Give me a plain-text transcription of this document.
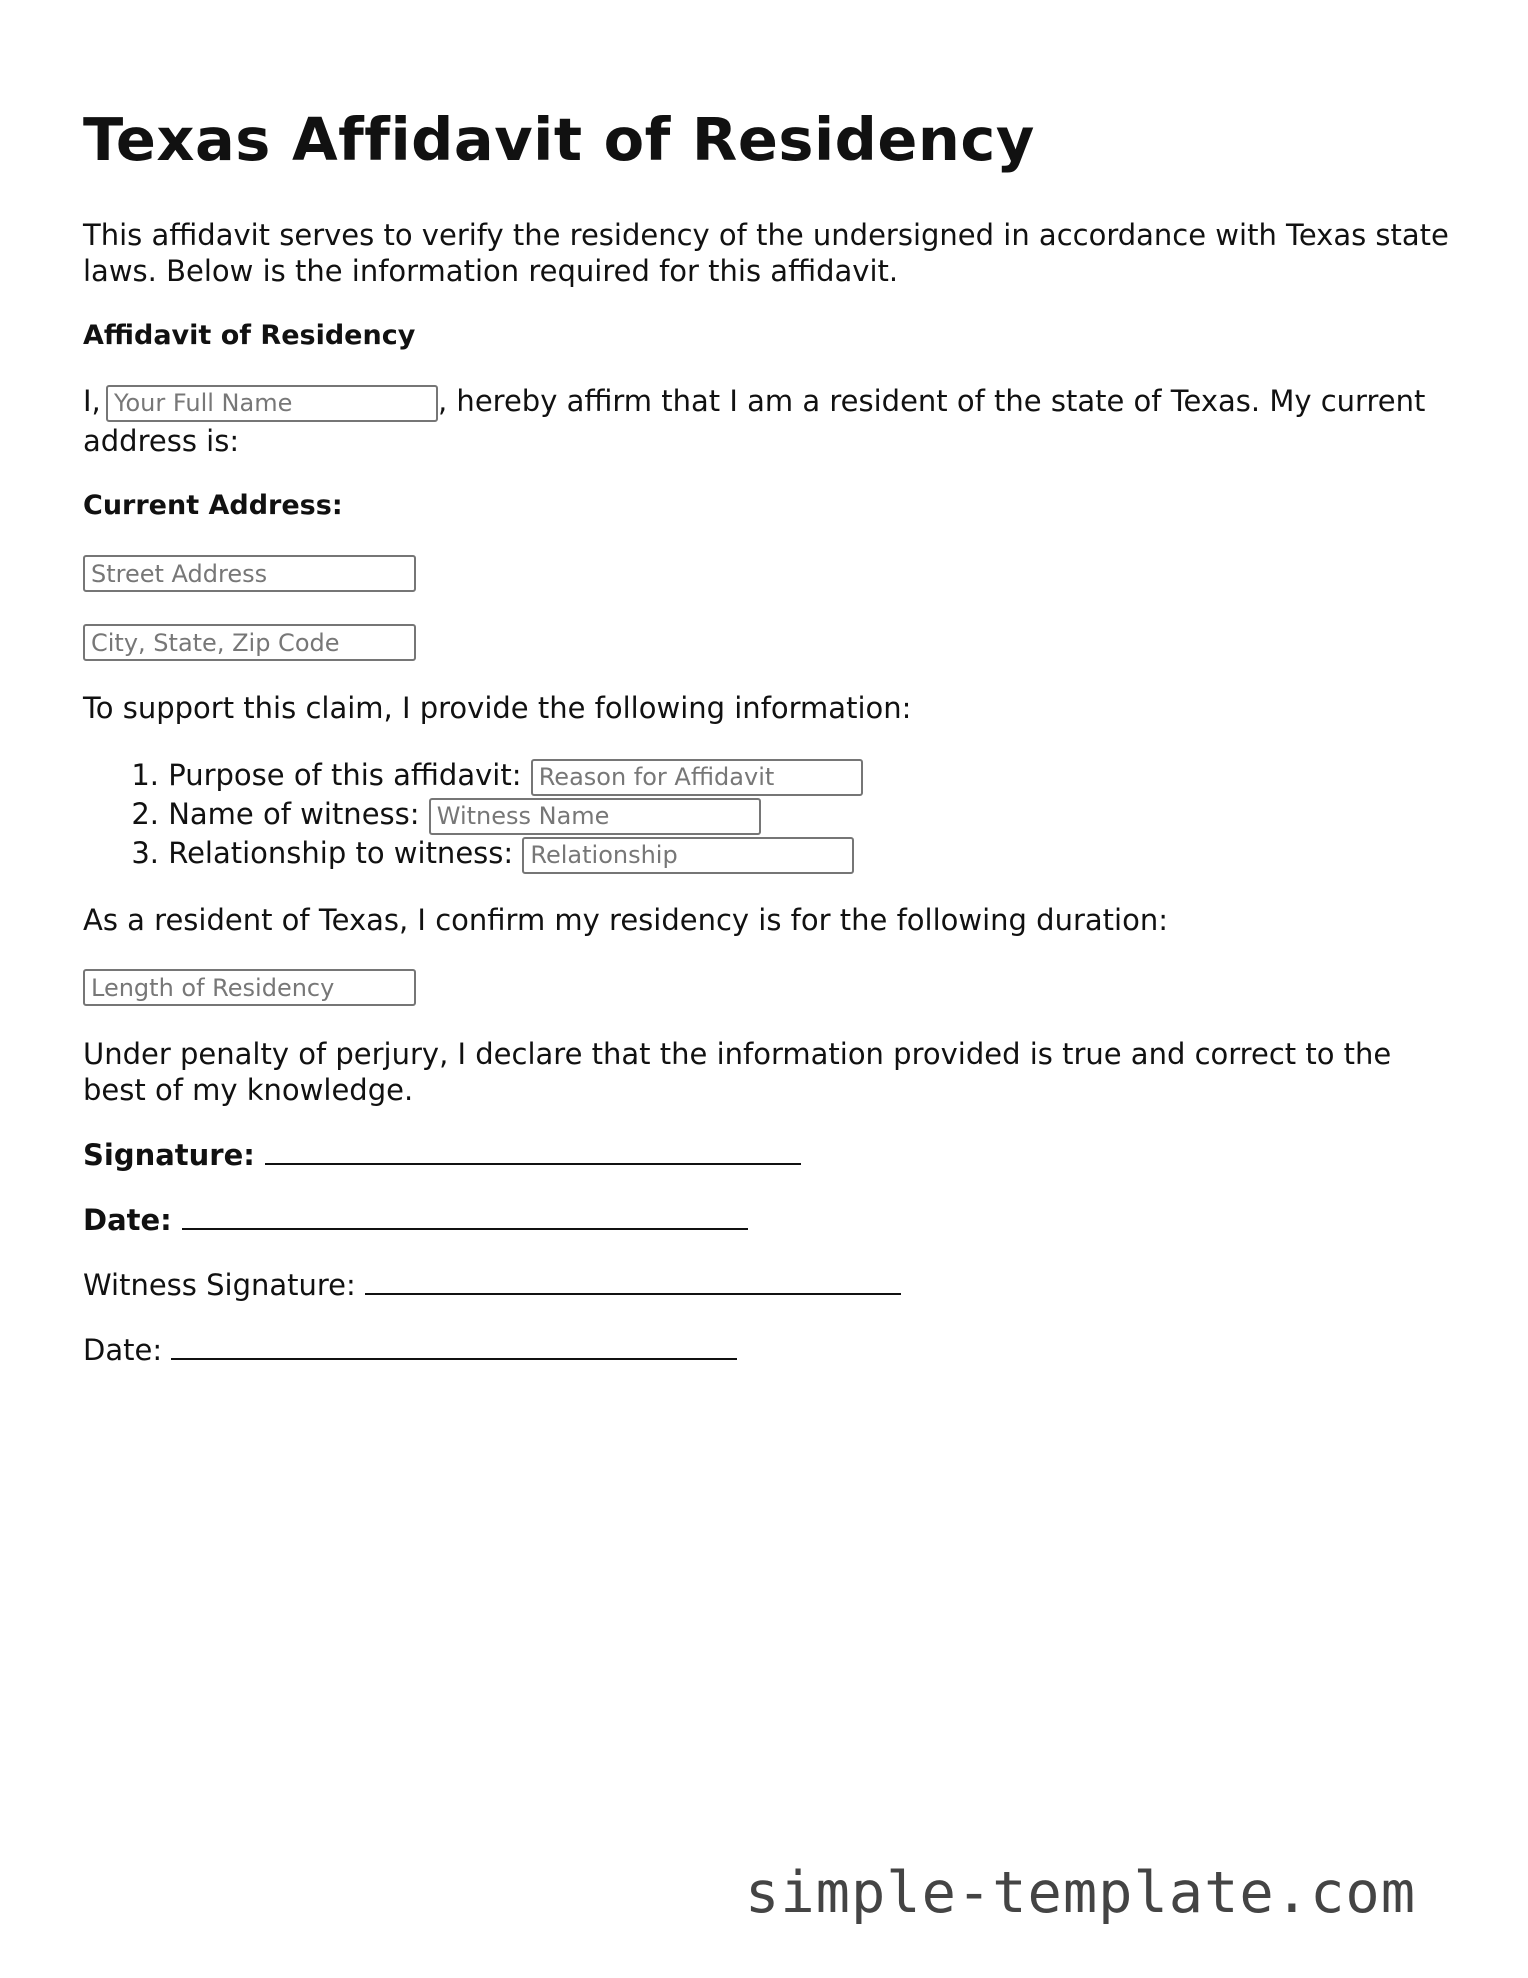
Texas Affidavit of Residency

This affidavit serves to verify the residency of the undersigned in accordance with Texas state laws. Below is the information required for this affidavit.

Affidavit of Residency

I, Your Full Name	, hereby affirm that I am a resident of the state of Texas. My current address is:

Current Address:

Street Address
City, State, Zip Code

To support this claim, I provide the following information:

1. Purpose of this affidavit: Reason for Affidavit
2. Name of witness: Witness Name
3. Relationship to witness: Relationship

As a resident of Texas, I confirm my residency is for the following duration:

Length of Residency

Under penalty of perjury, I declare that the information provided is true and correct to the best of my knowledge.

Signature:
Date:
Witness Signature:
Date:
simple-template.com
